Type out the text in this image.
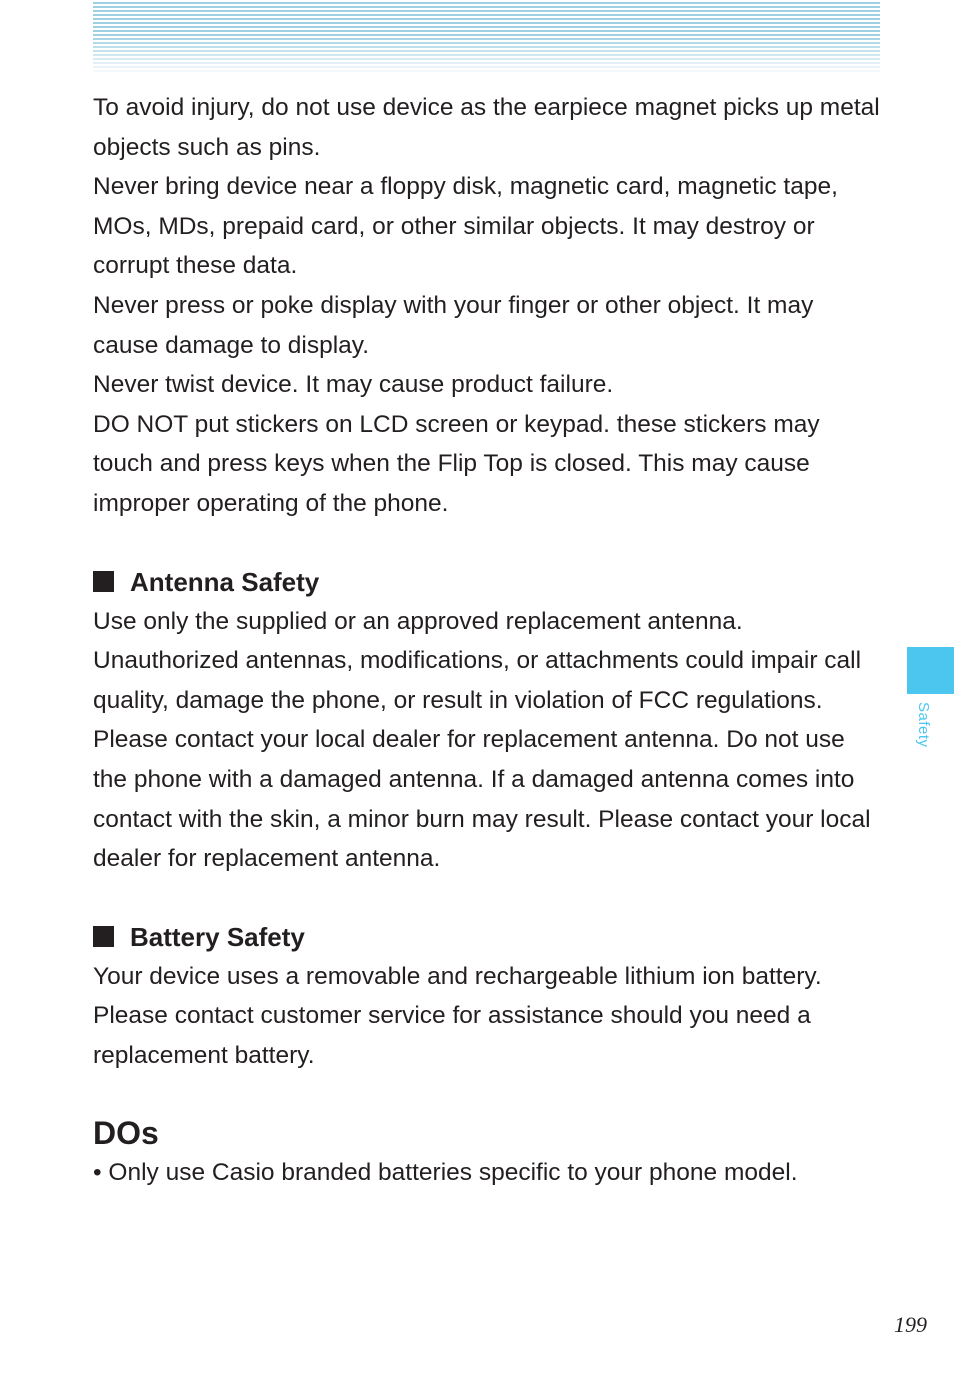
To avoid injury, do not use device as the earpiece magnet picks up metal objects such as pins.

Never bring device near a floppy disk, magnetic card, magnetic tape, MOs, MDs, prepaid card, or other similar objects. It may destroy or corrupt these data.

Never press or poke display with your finger or other object. It may cause damage to display.

Never twist device. It may cause product failure.

DO NOT put stickers on LCD screen or keypad. these stickers may touch and press keys when the Flip Top is closed. This may cause improper operating of the phone.

Antenna Safety

Use only the supplied or an approved replacement antenna. Unauthorized antennas, modifications, or attachments could impair call quality, damage the phone, or result in violation of FCC regulations. Please contact your local dealer for replacement antenna. Do not use the phone with a damaged antenna. If a damaged antenna comes into contact with the skin, a minor burn may result. Please contact your local dealer for replacement antenna.

Battery Safety

Your device uses a removable and rechargeable lithium ion battery. Please contact customer service for assistance should you need a replacement battery.

DOs
• Only use Casio branded batteries specific to your phone model.
Safety
199
